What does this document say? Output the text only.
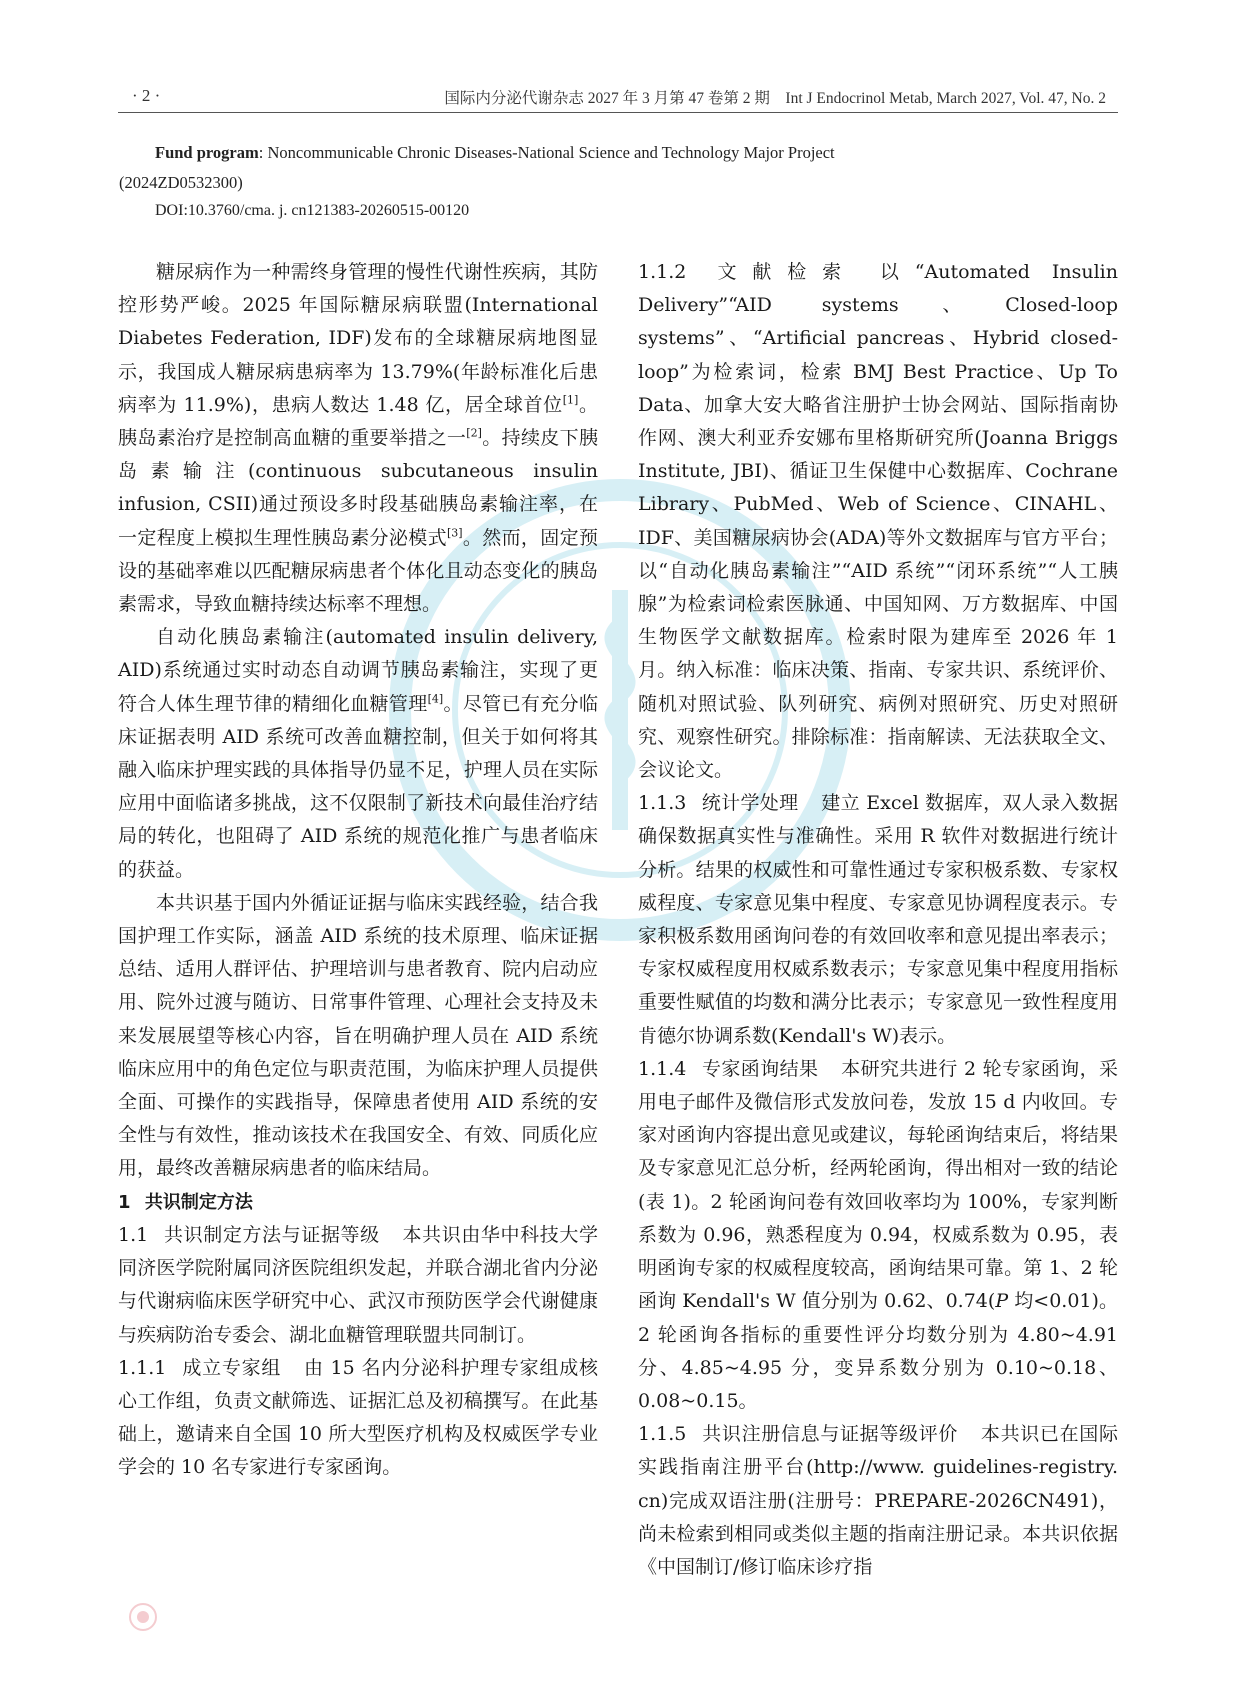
· 2 ·	国际内分泌代谢杂志 2027 年 3 月第 47 卷第 2 期　Int J Endocrinol Metab, March 2027, Vol. 47, No. 2
Fund program: Noncommunicable Chronic Diseases-National Science and Technology Major Project
(2024ZD0532300)
DOI:10.3760/cma. j. cn121383-20260515-00120

糖尿病作为一种需终身管理的慢性代谢性疾病，其防控形势严峻。2025 年国际糖尿病联盟(International Diabetes Federation, IDF)发布的全球糖尿病地图显示，我国成人糖尿病患病率为 13.79%(年龄标准化后患病率为 11.9%)，患病人数达 1.48 亿，居全球首位[1]。胰岛素治疗是控制高血糖的重要举措之一[2]。持续皮下胰岛素输注(continuous subcutaneous insulin infusion, CSII)通过预设多时段基础胰岛素输注率，在一定程度上模拟生理性胰岛素分泌模式[3]。然而，固定预设的基础率难以匹配糖尿病患者个体化且动态变化的胰岛素需求，导致血糖持续达标率不理想。

自动化胰岛素输注(automated insulin delivery, AID)系统通过实时动态自动调节胰岛素输注，实现了更符合人体生理节律的精细化血糖管理[4]。尽管已有充分临床证据表明 AID 系统可改善血糖控制，但关于如何将其融入临床护理实践的具体指导仍显不足，护理人员在实际应用中面临诸多挑战，这不仅限制了新技术向最佳治疗结局的转化，也阻碍了 AID 系统的规范化推广与患者临床的获益。

本共识基于国内外循证证据与临床实践经验，结合我国护理工作实际，涵盖 AID 系统的技术原理、临床证据总结、适用人群评估、护理培训与患者教育、院内启动应用、院外过渡与随访、日常事件管理、心理社会支持及未来发展展望等核心内容，旨在明确护理人员在 AID 系统临床应用中的角色定位与职责范围，为临床护理人员提供全面、可操作的实践指导，保障患者使用 AID 系统的安全性与有效性，推动该技术在我国安全、有效、同质化应用，最终改善糖尿病患者的临床结局。

1 共识制定方法

1.1 共识制定方法与证据等级 本共识由华中科技大学同济医学院附属同济医院组织发起，并联合湖北省内分泌与代谢病临床医学研究中心、武汉市预防医学会代谢健康与疾病防治专委会、湖北血糖管理联盟共同制订。

1.1.1 成立专家组 由 15 名内分泌科护理专家组成核心工作组，负责文献筛选、证据汇总及初稿撰写。在此基础上，邀请来自全国 10 所大型医疗机构及权威医学专业学会的 10 名专家进行专家函询。

1.1.2 文献检索 以“Automated Insulin Delivery”“AID systems、Closed-loop systems”、“Artificial pancreas、Hybrid closed-loop”为检索词，检索 BMJ Best Practice、Up To Data、加拿大安大略省注册护士协会网站、国际指南协作网、澳大利亚乔安娜布里格斯研究所(Joanna Briggs Institute, JBI)、循证卫生保健中心数据库、Cochrane Library、PubMed、Web of Science、CINAHL、IDF、美国糖尿病协会(ADA)等外文数据库与官方平台；以“自动化胰岛素输注”“AID 系统”“闭环系统”“人工胰腺”为检索词检索医脉通、中国知网、万方数据库、中国生物医学文献数据库。检索时限为建库至 2026 年 1 月。纳入标准：临床决策、指南、专家共识、系统评价、随机对照试验、队列研究、病例对照研究、历史对照研究、观察性研究。排除标准：指南解读、无法获取全文、会议论文。

1.1.3 统计学处理 建立 Excel 数据库，双人录入数据确保数据真实性与准确性。采用 R 软件对数据进行统计分析。结果的权威性和可靠性通过专家积极系数、专家权威程度、专家意见集中程度、专家意见协调程度表示。专家积极系数用函询问卷的有效回收率和意见提出率表示；专家权威程度用权威系数表示；专家意见集中程度用指标重要性赋值的均数和满分比表示；专家意见一致性程度用肯德尔协调系数(Kendall's W)表示。

1.1.4 专家函询结果 本研究共进行 2 轮专家函询，采用电子邮件及微信形式发放问卷，发放 15 d 内收回。专家对函询内容提出意见或建议，每轮函询结束后，将结果及专家意见汇总分析，经两轮函询，得出相对一致的结论(表 1)。2 轮函询问卷有效回收率均为 100%，专家判断系数为 0.96，熟悉程度为 0.94，权威系数为 0.95，表明函询专家的权威程度较高，函询结果可靠。第 1、2 轮函询 Kendall's W 值分别为 0.62、0.74(P 均<0.01)。2 轮函询各指标的重要性评分均数分别为 4.80~4.91 分、4.85~4.95 分，变异系数分别为 0.10~0.18、0.08~0.15。

1.1.5 共识注册信息与证据等级评价 本共识已在国际实践指南注册平台(http://www. guidelines-registry. cn)完成双语注册(注册号：PREPARE-2026CN491)，尚未检索到相同或类似主题的指南注册记录。本共识依据《中国制订/修订临床诊疗指
